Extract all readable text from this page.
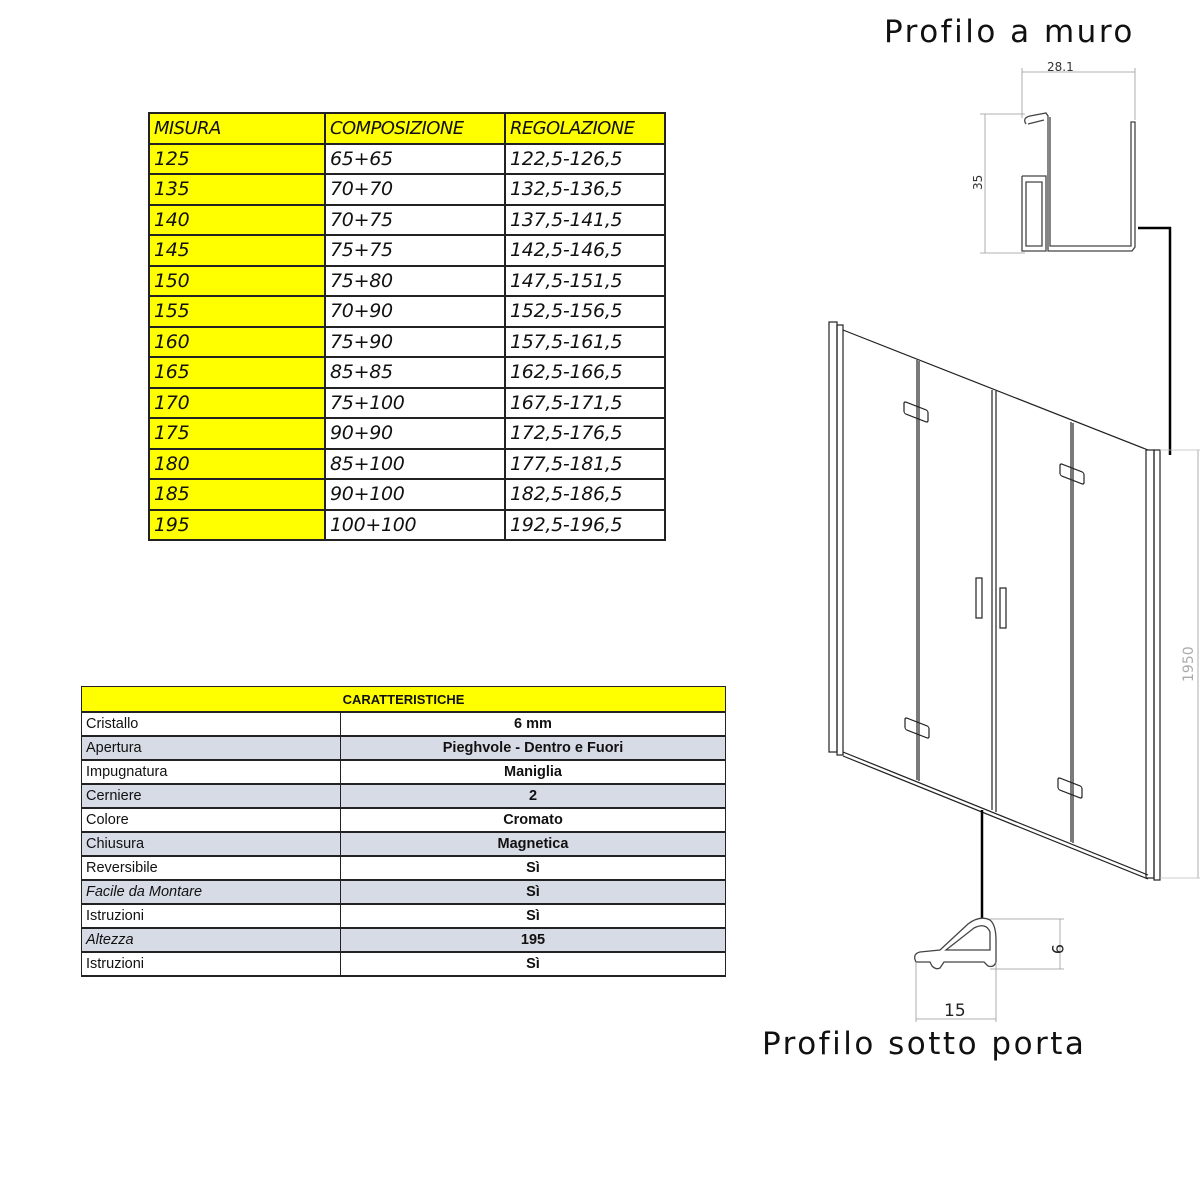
MISURA	COMPOSIZIONE	REGOLAZIONE
125	65+65	122,5-126,5
135	70+70	132,5-136,5
140	70+75	137,5-141,5
145	75+75	142,5-146,5
150	75+80	147,5-151,5
155	70+90	152,5-156,5
160	75+90	157,5-161,5
165	85+85	162,5-166,5
170	75+100	167,5-171,5
175	90+90	172,5-176,5
180	85+100	177,5-181,5
185	90+100	182,5-186,5
195	100+100	192,5-196,5
CARATTERISTICHE	
Cristallo	6 mm
Apertura	Pieghvole - Dentro e Fuori
Impugnatura	Maniglia
Cerniere	2
Colore	Cromato
Chiusura	Magnetica
Reversibile	Sì
Facile da Montare	Sì
Istruzioni	Sì
Altezza	195
Istruzioni	Sì
Profilo a muro
Profilo sotto porta
28.1
35
1950
15
9
